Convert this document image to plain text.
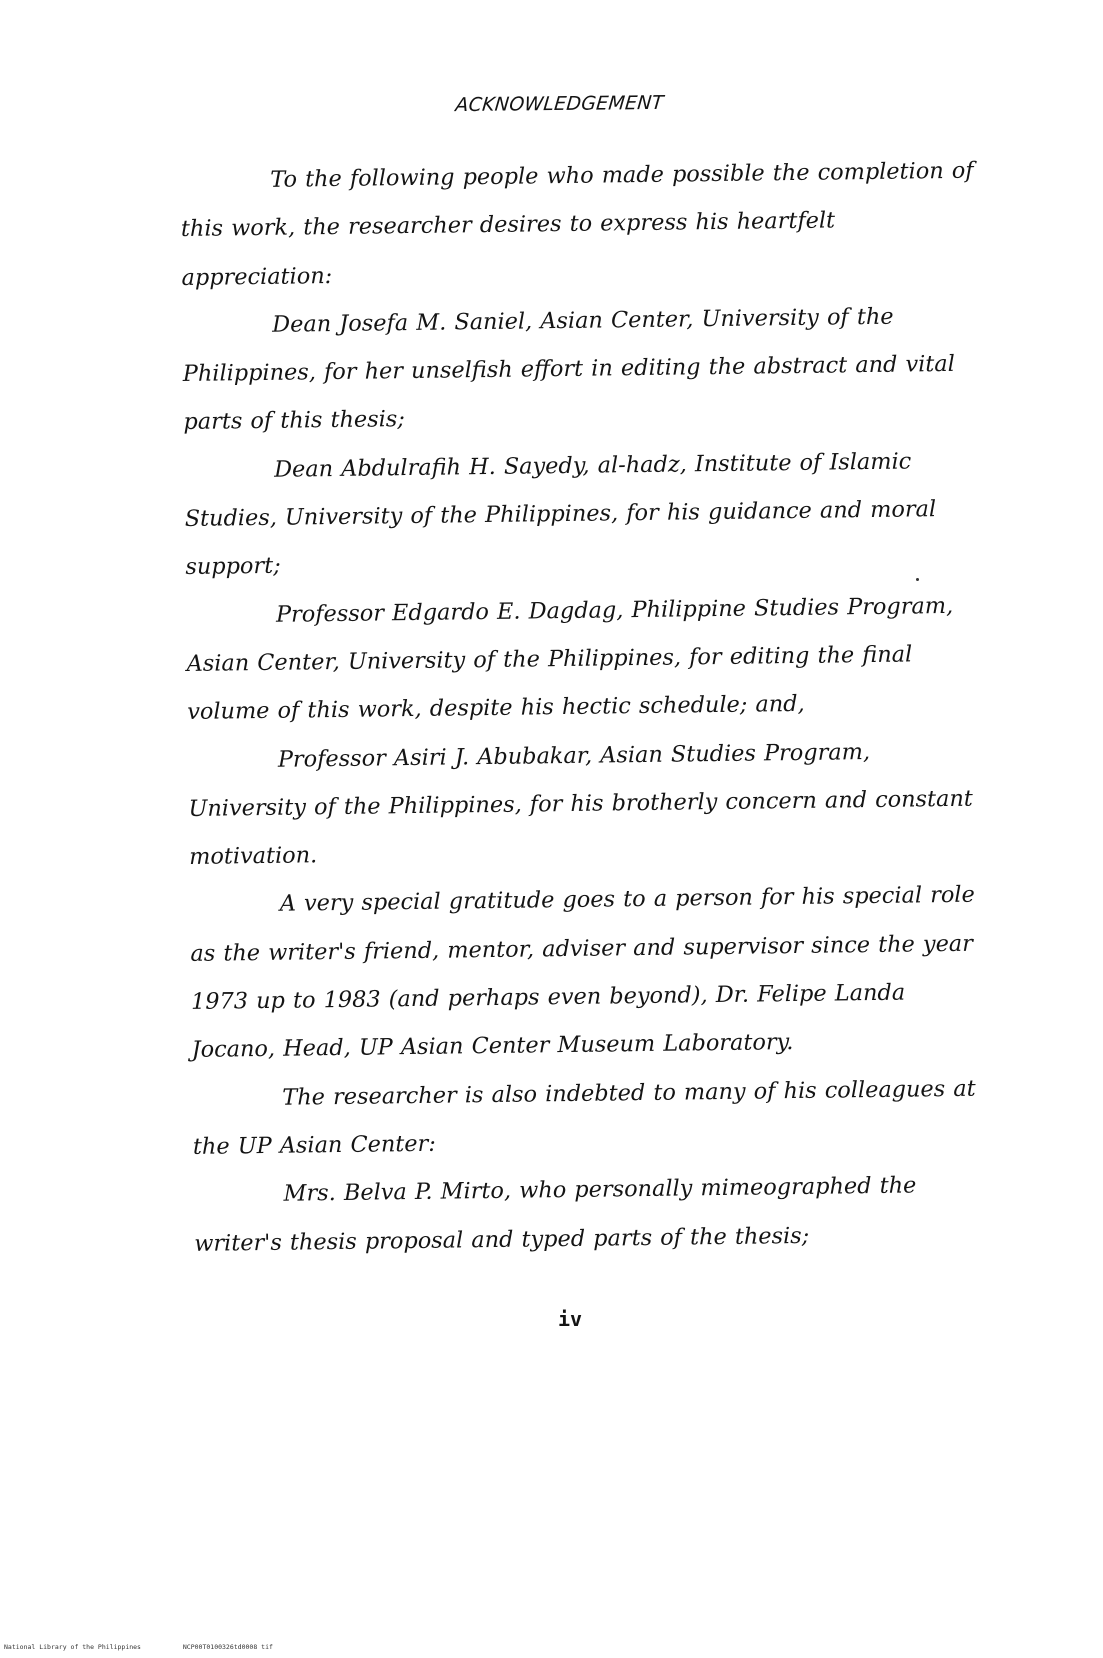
ACKNOWLEDGEMENT

To the following people who made possible the completion of this work, the researcher desires to express his heartfelt appreciation:

Dean Josefa M. Saniel, Asian Center, University of the Philippines, for her unselfish effort in editing the abstract and vital parts of this thesis;

Dean Abdulrafih H. Sayedy, al-hadz, Institute of Islamic Studies, University of the Philippines, for his guidance and moral support;

Professor Edgardo E. Dagdag, Philippine Studies Program, Asian Center, University of the Philippines, for editing the final volume of this work, despite his hectic schedule; and,

Professor Asiri J. Abubakar, Asian Studies Program, University of the Philippines, for his brotherly concern and constant motivation.

A very special gratitude goes to a person for his special role as the writer's friend, mentor, adviser and supervisor since the year 1973 up to 1983 (and perhaps even beyond), Dr. Felipe Landa Jocano, Head, UP Asian Center Museum Laboratory.

The researcher is also indebted to many of his colleagues at the UP Asian Center:

Mrs. Belva P. Mirto, who personally mimeographed the writer's thesis proposal and typed parts of the thesis;

iv
National Library of the Philippines	NCP00T0100326td0008 tif
